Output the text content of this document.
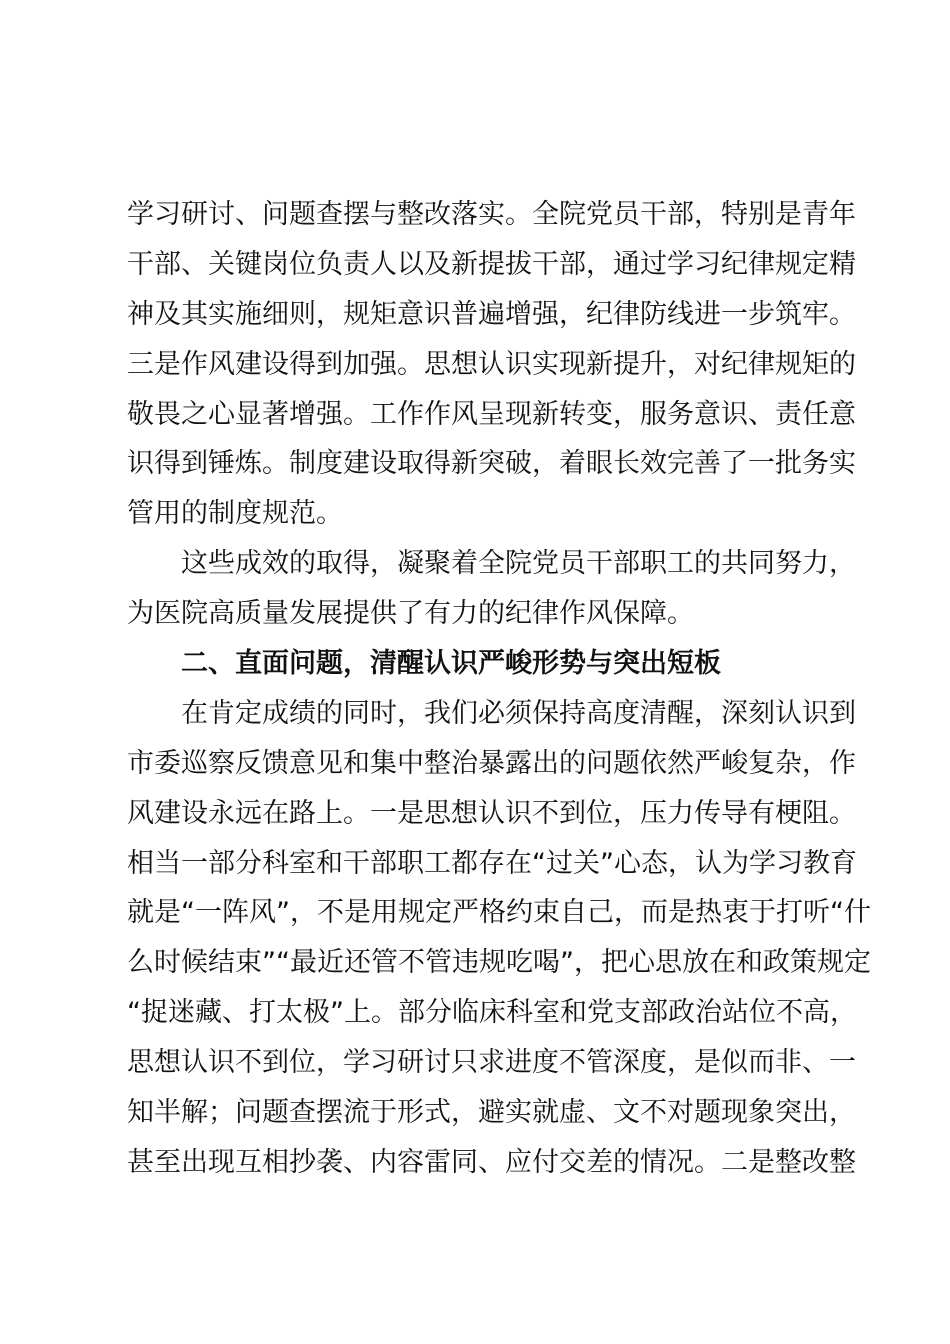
学习研讨、问题查摆与整改落实。全院党员干部，特别是青年
干部、关键岗位负责人以及新提拔干部，通过学习纪律规定精
神及其实施细则，规矩意识普遍增强，纪律防线进一步筑牢。
三是作风建设得到加强。思想认识实现新提升，对纪律规矩的
敬畏之心显著增强。工作作风呈现新转变，服务意识、责任意
识得到锤炼。制度建设取得新突破，着眼长效完善了一批务实
管用的制度规范。
这些成效的取得，凝聚着全院党员干部职工的共同努力，
为医院高质量发展提供了有力的纪律作风保障。
二、直面问题，清醒认识严峻形势与突出短板
在肯定成绩的同时，我们必须保持高度清醒，深刻认识到
市委巡察反馈意见和集中整治暴露出的问题依然严峻复杂，作
风建设永远在路上。一是思想认识不到位，压力传导有梗阻。
相当一部分科室和干部职工都存在“过关”心态，认为学习教育
就是“一阵风”，不是用规定严格约束自己，而是热衷于打听“什
么时候结束”“最近还管不管违规吃喝”，把心思放在和政策规定
“捉迷藏、打太极”上。部分临床科室和党支部政治站位不高，
思想认识不到位，学习研讨只求进度不管深度，是似而非、一
知半解；问题查摆流于形式，避实就虚、文不对题现象突出，
甚至出现互相抄袭、内容雷同、应付交差的情况。二是整改整
